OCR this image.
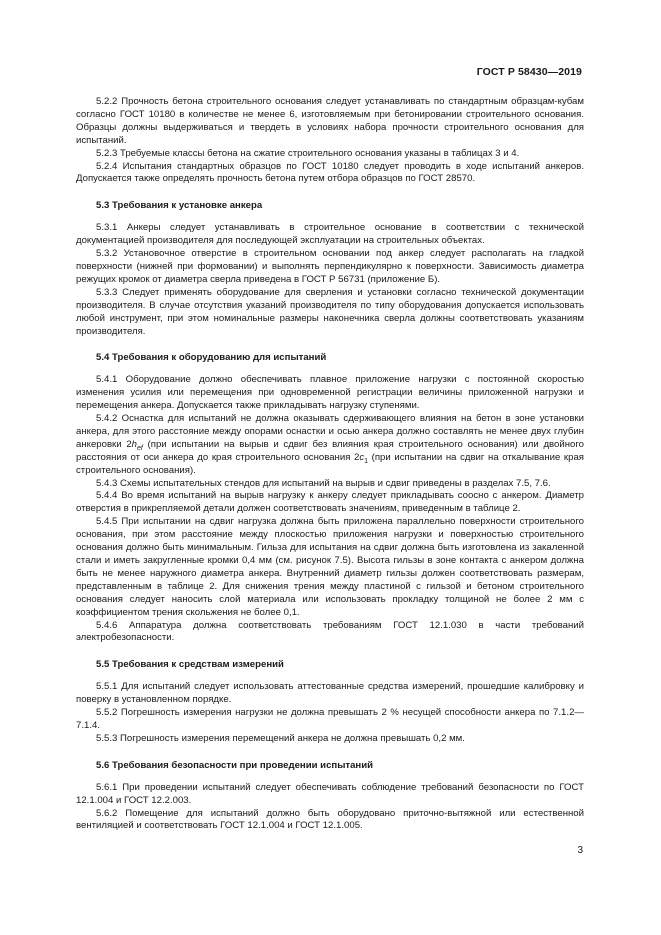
ГОСТ Р 58430—2019
5.2.2 Прочность бетона строительного основания следует устанавливать по стандартным образцам-кубам согласно ГОСТ 10180 в количестве не менее 6, изготовляемым при бетонировании строительного основания. Образцы должны выдерживаться и твердеть в условиях набора прочности строительного основания для испытаний.
5.2.3 Требуемые классы бетона на сжатие строительного основания указаны в таблицах 3 и 4.
5.2.4 Испытания стандартных образцов по ГОСТ 10180 следует проводить в ходе испытаний анкеров. Допускается также определять прочность бетона путем отбора образцов по ГОСТ 28570.
5.3 Требования к установке анкера
5.3.1 Анкеры следует устанавливать в строительное основание в соответствии с технической документацией производителя для последующей эксплуатации на строительных объектах.
5.3.2 Установочное отверстие в строительном основании под анкер следует располагать на гладкой поверхности (нижней при формовании) и выполнять перпендикулярно к поверхности. Зависимость диаметра режущих кромок от диаметра сверла приведена в ГОСТ Р 56731 (приложение Б).
5.3.3 Следует применять оборудование для сверления и установки согласно технической документации производителя. В случае отсутствия указаний производителя по типу оборудования допускается использовать любой инструмент, при этом номинальные размеры наконечника сверла должны соответствовать указаниям производителя.
5.4 Требования к оборудованию для испытаний
5.4.1 Оборудование должно обеспечивать плавное приложение нагрузки с постоянной скоростью изменения усилия или перемещения при одновременной регистрации величины приложенной нагрузки и перемещения анкера. Допускается также прикладывать нагрузку ступенями.
5.4.2 Оснастка для испытаний не должна оказывать сдерживающего влияния на бетон в зоне установки анкера, для этого расстояние между опорами оснастки и осью анкера должно составлять не менее двух глубин анкеровки $2h_{ef}$ (при испытании на вырыв и сдвиг без влияния края строительного основания) или двойного расстояния от оси анкера до края строительного основания $2c_1$ (при испытании на сдвиг на откалывание края строительного основания).
5.4.3 Схемы испытательных стендов для испытаний на вырыв и сдвиг приведены в разделах 7.5, 7.6.
5.4.4 Во время испытаний на вырыв нагрузку к анкеру следует прикладывать соосно с анкером. Диаметр отверстия в прикрепляемой детали должен соответствовать значениям, приведенным в таблице 2.
5.4.5 При испытании на сдвиг нагрузка должна быть приложена параллельно поверхности строительного основания, при этом расстояние между плоскостью приложения нагрузки и поверхностью строительного основания должно быть минимальным. Гильза для испытания на сдвиг должна быть изготовлена из закаленной стали и иметь закругленные кромки 0,4 мм (см. рисунок 7.5). Высота гильзы в зоне контакта с анкером должна быть не менее наружного диаметра анкера. Внутренний диаметр гильзы должен соответствовать размерам, представленным в таблице 2. Для снижения трения между пластиной с гильзой и бетоном строительного основания следует наносить слой материала или использовать прокладку толщиной не более 2 мм с коэффициентом трения скольжения не более 0,1.
5.4.6 Аппаратура должна соответствовать требованиям ГОСТ 12.1.030 в части требований электробезопасности.
5.5 Требования к средствам измерений
5.5.1 Для испытаний следует использовать аттестованные средства измерений, прошедшие калибровку и поверку в установленном порядке.
5.5.2 Погрешность измерения нагрузки не должна превышать 2 % несущей способности анкера по 7.1.2—7.1.4.
5.5.3 Погрешность измерения перемещений анкера не должна превышать 0,2 мм.
5.6 Требования безопасности при проведении испытаний
5.6.1 При проведении испытаний следует обеспечивать соблюдение требований безопасности по ГОСТ 12.1.004 и ГОСТ 12.2.003.
5.6.2 Помещение для испытаний должно быть оборудовано приточно-вытяжной или естественной вентиляцией и соответствовать ГОСТ 12.1.004 и ГОСТ 12.1.005.
3
